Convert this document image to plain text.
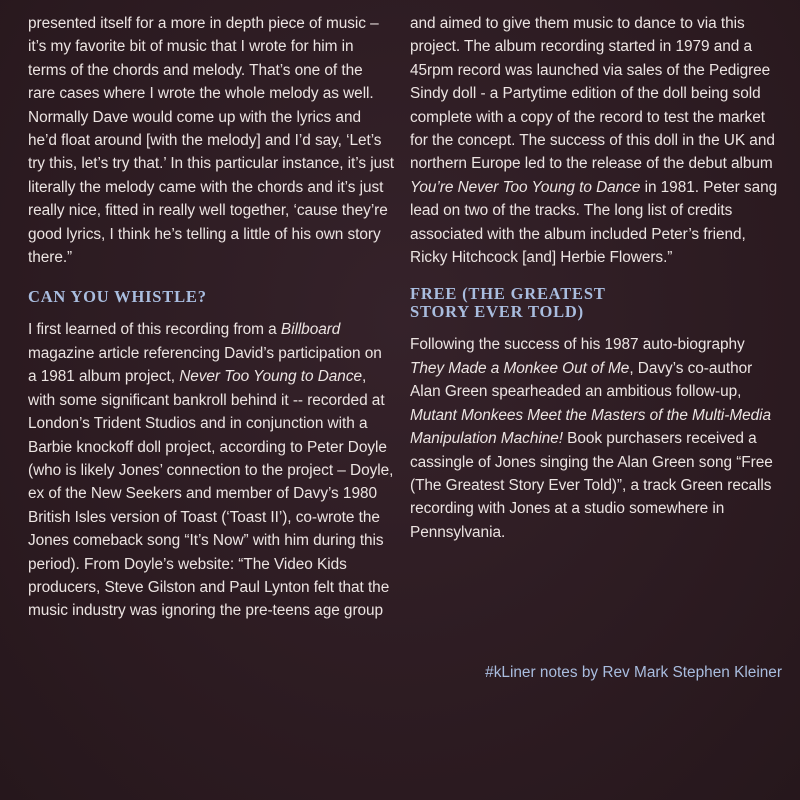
presented itself for a more in depth piece of music – it’s my favorite bit of music that I wrote for him in terms of the chords and melody. That’s one of the rare cases where I wrote the whole melody as well. Normally Dave would come up with the lyrics and he’d float around [with the melody] and I’d say, ‘Let’s try this, let’s try that.’ In this particular instance, it’s just literally the melody came with the chords and it’s just really nice, fitted in really well together, ‘cause they’re good lyrics, I think he’s telling a little of his own story there.”

CAN YOU WHISTLE?

I first learned of this recording from a Billboard magazine article referencing David’s participation on a 1981 album project, Never Too Young to Dance, with some significant bankroll behind it -- recorded at London’s Trident Studios and in conjunction with a Barbie knockoff doll project, according to Peter Doyle (who is likely Jones’ connection to the project – Doyle, ex of the New Seekers and member of Davy’s 1980 British Isles version of Toast (‘Toast II’), co-wrote the Jones comeback song “It’s Now” with him during this period). From Doyle’s website: “The Video Kids producers, Steve Gilston and Paul Lynton felt that the music industry was ignoring the pre-teens age group

and aimed to give them music to dance to via this project. The album recording started in 1979 and a 45rpm record was launched via sales of the Pedigree Sindy doll - a Partytime edition of the doll being sold complete with a copy of the record to test the market for the concept. The success of this doll in the UK and northern Europe led to the release of the debut album You’re Never Too Young to Dance in 1981. Peter sang lead on two of the tracks. The long list of credits associated with the album included Peter’s friend, Ricky Hitchcock [and] Herbie Flowers.”

FREE (THE GREATEST
STORY EVER TOLD)

Following the success of his 1987 auto-biography They Made a Monkee Out of Me, Davy’s co-author Alan Green spearheaded an ambitious follow-up, Mutant Monkees Meet the Masters of the Multi-Media Manipulation Machine! Book purchasers received a cassingle of Jones singing the Alan Green song “Free (The Greatest Story Ever Told)”, a track Green recalls recording with Jones at a studio somewhere in Pennsylvania.

#kLiner notes by Rev Mark Stephen Kleiner
